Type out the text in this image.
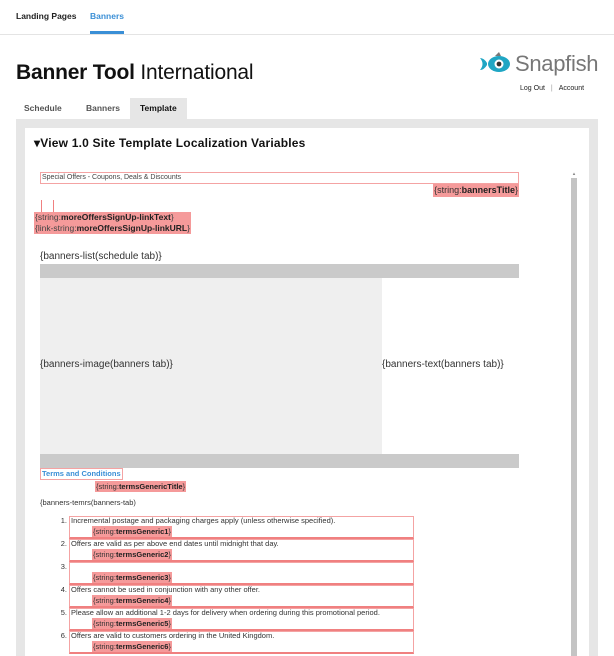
Landing Pages Banners
Banner Tool International	Snapfish
Log Out | Account
Schedule	Banners	Template
▾View 1.0 Site Template Localization Variables
Special Offers - Coupons, Deals & Discounts
{string:bannersTitle}
{string:moreOffersSignUp-linkText}
{link-string:moreOffersSignUp-linkURL}
{banners-list(schedule tab)}
{banners-image(banners tab)}	{banners-text(banners tab)}
Terms and Conditions
{string:termsGenericTitle}
{banners-temrs(banners-tab)
1. Incremental postage and packaging charges apply (unless otherwise specified).
{string:termsGeneric1}
2. Offers are valid as per above end dates until midnight that day.
{string:termsGeneric2}
3.
{string:termsGeneric3}
4. Offers cannot be used in conjunction with any other offer.
{string:termsGeneric4}
5. Please allow an additional 1-2 days for delivery when ordering during this promotional period.
{string:termsGeneric5}
6. Offers are valid to customers ordering in the United Kingdom.
{string:termsGeneric6}
▴
